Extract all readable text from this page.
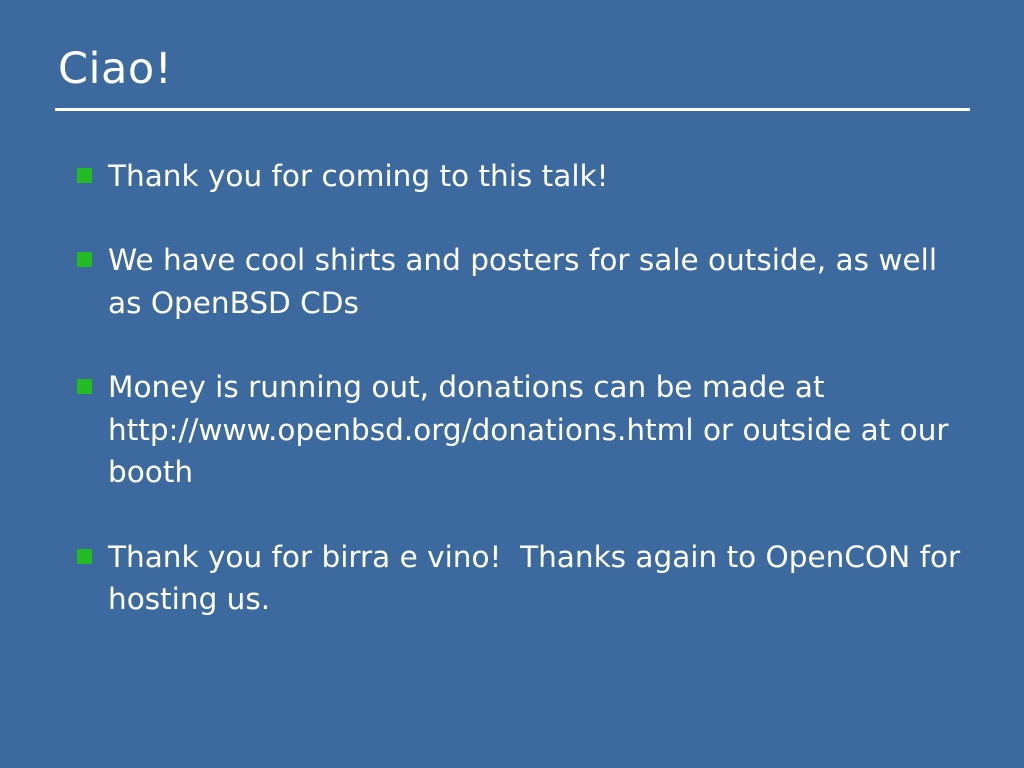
Ciao!
Thank you for coming to this talk!
We have cool shirts and posters for sale outside, as well as OpenBSD CDs
Money is running out, donations can be made at http://www.openbsd.org/donations.html or outside at our booth
Thank you for birra e vino!  Thanks again to OpenCON for hosting us.
